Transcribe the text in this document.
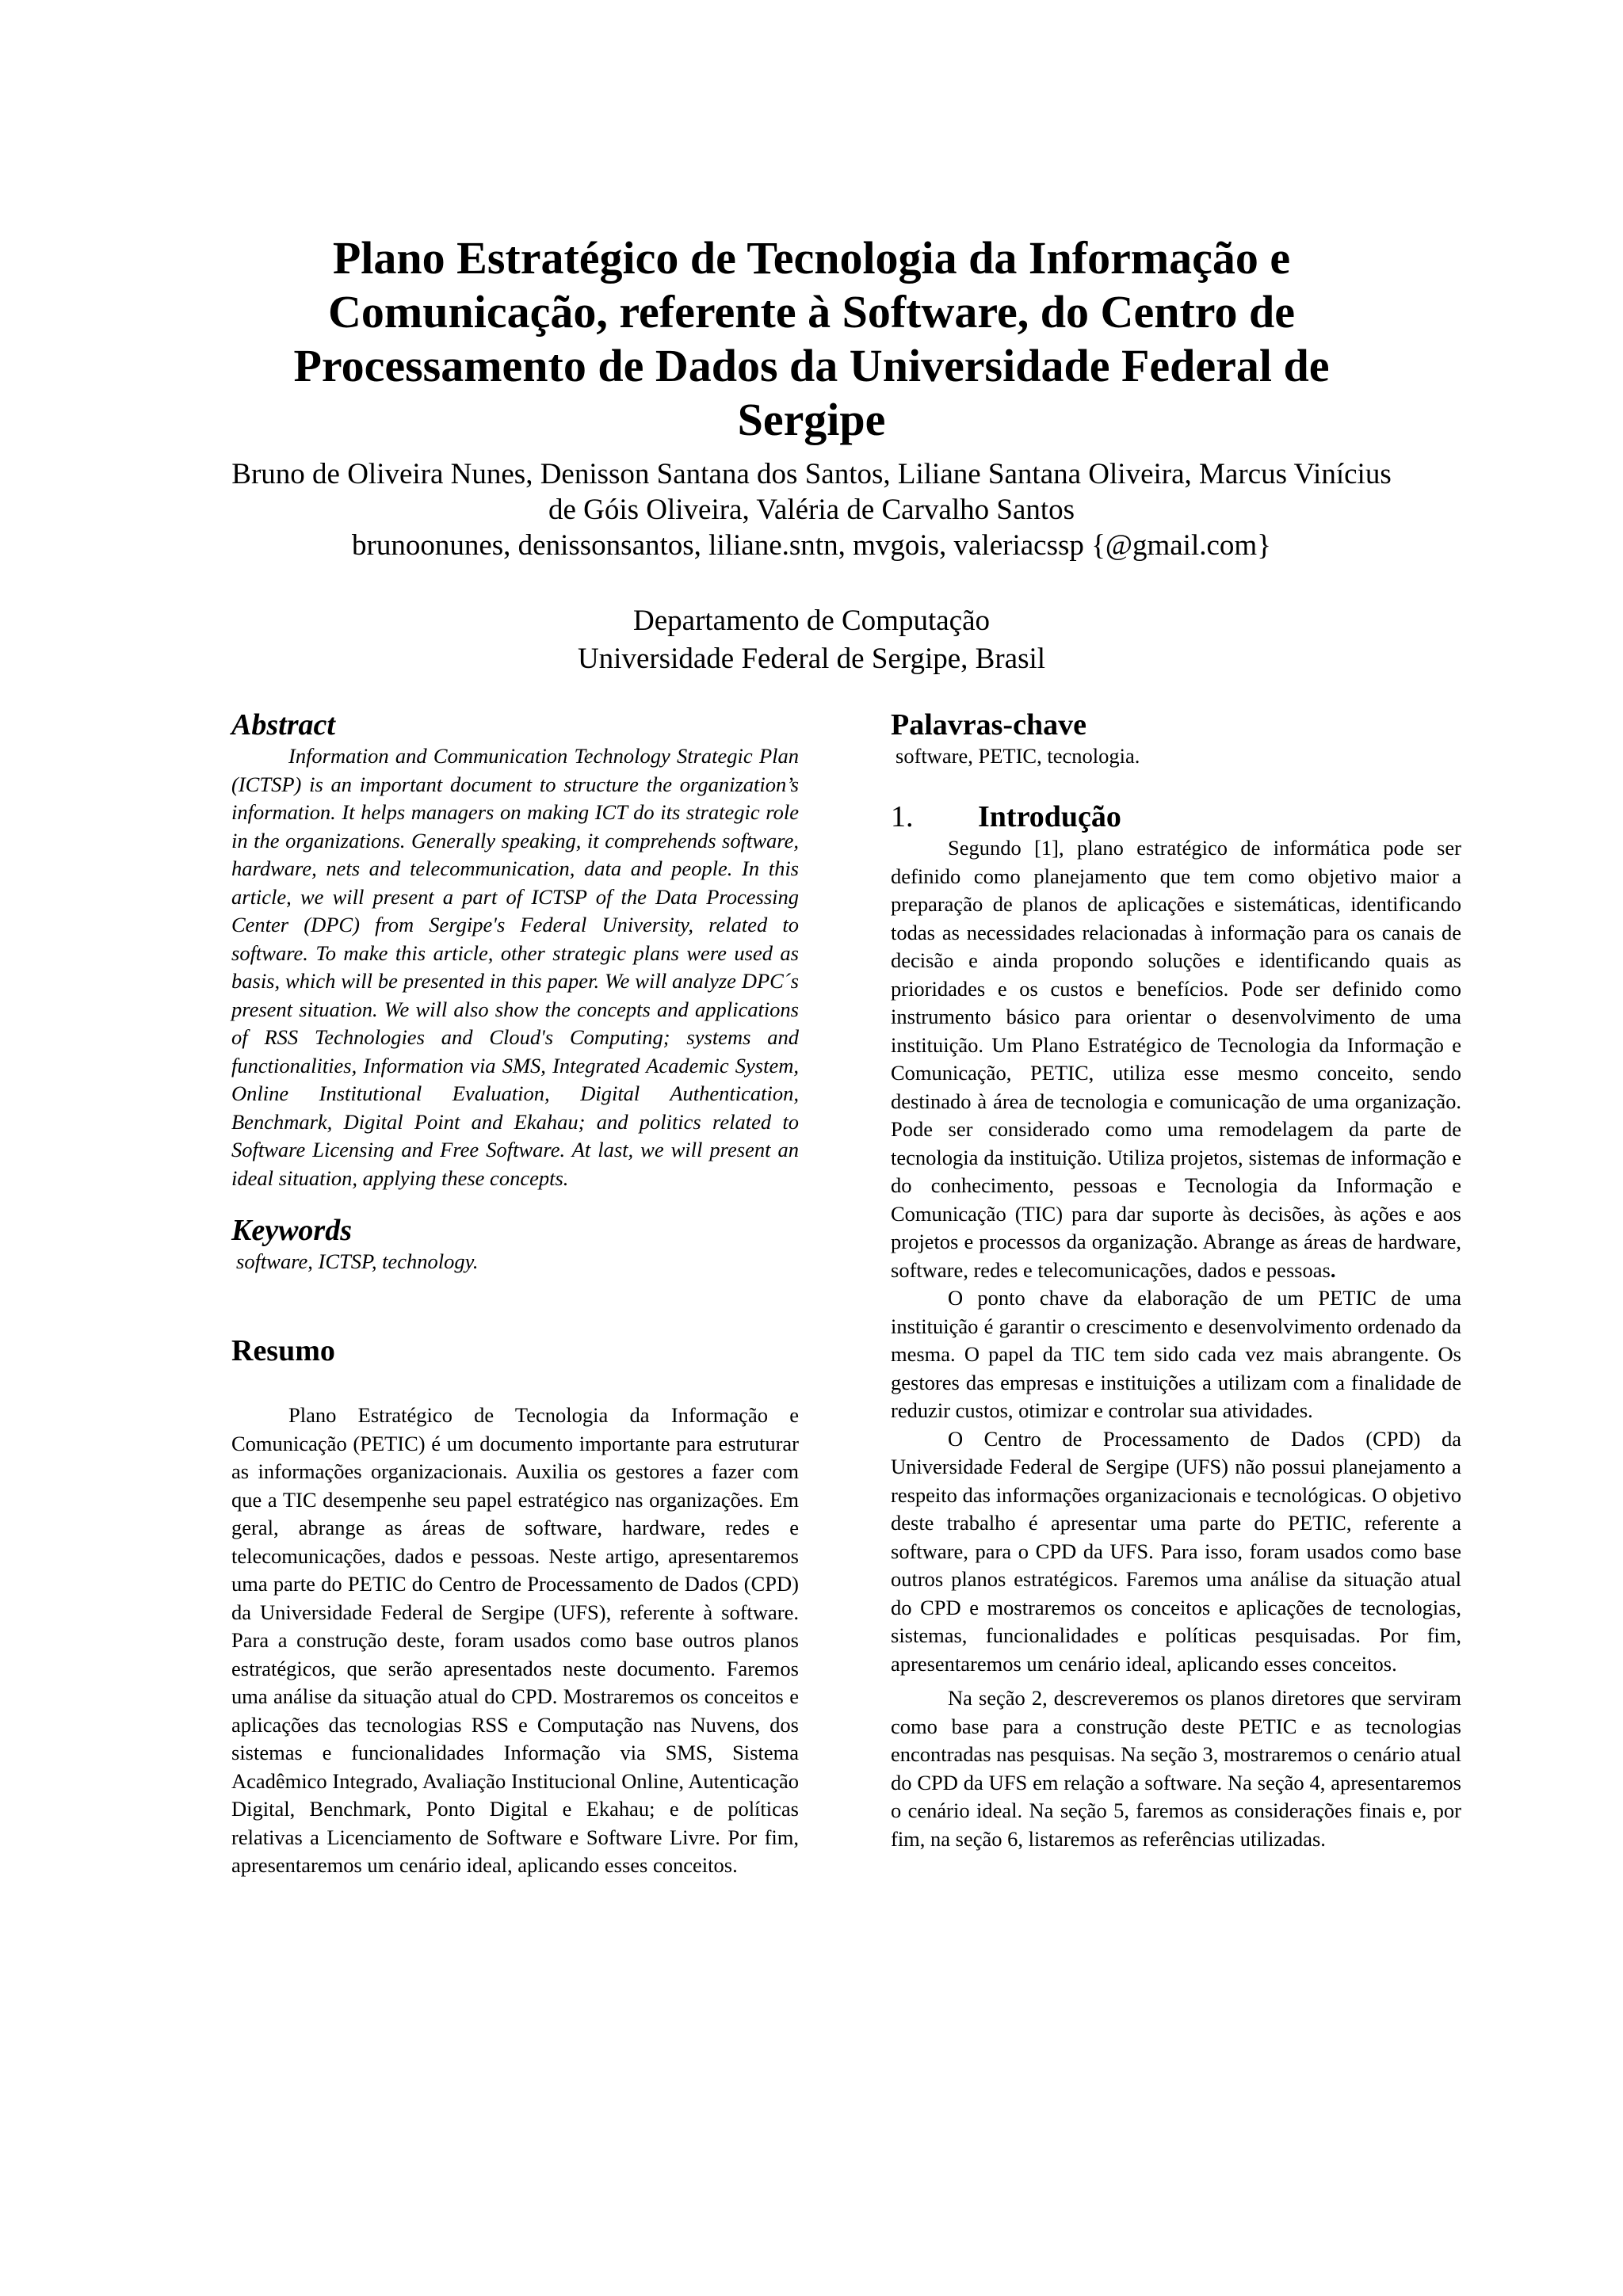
Plano Estratégico de Tecnologia da Informação e Comunicação, referente à Software, do Centro de Processamento de Dados da Universidade Federal de Sergipe
Bruno de Oliveira Nunes, Denisson Santana dos Santos, Liliane Santana Oliveira, Marcus Vinícius de Góis Oliveira, Valéria de Carvalho Santos
brunoonunes, denissonsantos, liliane.sntn, mvgois, valeriacssp {@gmail.com}
Departamento de Computação
Universidade Federal de Sergipe, Brasil
Abstract

Information and Communication Technology Strategic Plan (ICTSP) is an important document to structure the organization’s information. It helps managers on making ICT do its strategic role in the organizations. Generally speaking, it comprehends software, hardware, nets and telecommunication, data and people. In this article, we will present a part of ICTSP of the Data Processing Center (DPC) from Sergipe's Federal University, related to software. To make this article, other strategic plans were used as basis, which will be presented in this paper. We will analyze DPC´s present situation. We will also show the concepts and applications of RSS Technologies and Cloud's Computing; systems and functionalities, Information via SMS, Integrated Academic System, Online Institutional Evaluation, Digital Authentication, Benchmark, Digital Point and Ekahau; and politics related to Software Licensing and Free Software. At last, we will present an ideal situation, applying these concepts.

Keywords

software, ICTSP, technology.

Resumo

Plano Estratégico de Tecnologia da Informação e Comunicação (PETIC) é um documento importante para estruturar as informações organizacionais. Auxilia os gestores a fazer com que a TIC desempenhe seu papel estratégico nas organizações. Em geral, abrange as áreas de software, hardware, redes e telecomunicações, dados e pessoas. Neste artigo, apresentaremos uma parte do PETIC do Centro de Processamento de Dados (CPD) da Universidade Federal de Sergipe (UFS), referente à software. Para a construção deste, foram usados como base outros planos estratégicos, que serão apresentados neste documento. Faremos uma análise da situação atual do CPD. Mostraremos os conceitos e aplicações das tecnologias RSS e Computação nas Nuvens, dos sistemas e funcionalidades Informação via SMS, Sistema Acadêmico Integrado, Avaliação Institucional Online, Autenticação Digital, Benchmark, Ponto Digital e Ekahau; e de políticas relativas a Licenciamento de Software e Software Livre. Por fim, apresentaremos um cenário ideal, aplicando esses conceitos.

Palavras-chave

software, PETIC, tecnologia.

1. Introdução

Segundo [1], plano estratégico de informática pode ser definido como planejamento que tem como objetivo maior a preparação de planos de aplicações e sistemáticas, identificando todas as necessidades relacionadas à informação para os canais de decisão e ainda propondo soluções e identificando quais as prioridades e os custos e benefícios. Pode ser definido como instrumento básico para orientar o desenvolvimento de uma instituição. Um Plano Estratégico de Tecnologia da Informação e Comunicação, PETIC, utiliza esse mesmo conceito, sendo destinado à área de tecnologia e comunicação de uma organização. Pode ser considerado como uma remodelagem da parte de tecnologia da instituição. Utiliza projetos, sistemas de informação e do conhecimento, pessoas e Tecnologia da Informação e Comunicação (TIC) para dar suporte às decisões, às ações e aos projetos e processos da organização. Abrange as áreas de hardware, software, redes e telecomunicações, dados e pessoas.

O ponto chave da elaboração de um PETIC de uma instituição é garantir o crescimento e desenvolvimento ordenado da mesma. O papel da TIC tem sido cada vez mais abrangente. Os gestores das empresas e instituições a utilizam com a finalidade de reduzir custos, otimizar e controlar sua atividades.

O Centro de Processamento de Dados (CPD) da Universidade Federal de Sergipe (UFS) não possui planejamento a respeito das informações organizacionais e tecnológicas. O objetivo deste trabalho é apresentar uma parte do PETIC, referente a software, para o CPD da UFS. Para isso, foram usados como base outros planos estratégicos. Faremos uma análise da situação atual do CPD e mostraremos os conceitos e aplicações de tecnologias, sistemas, funcionalidades e políticas pesquisadas. Por fim, apresentaremos um cenário ideal, aplicando esses conceitos.

Na seção 2, descreveremos os planos diretores que serviram como base para a construção deste PETIC e as tecnologias encontradas nas pesquisas. Na seção 3, mostraremos o cenário atual do CPD da UFS em relação a software. Na seção 4, apresentaremos o cenário ideal. Na seção 5, faremos as considerações finais e, por fim, na seção 6, listaremos as referências utilizadas.
